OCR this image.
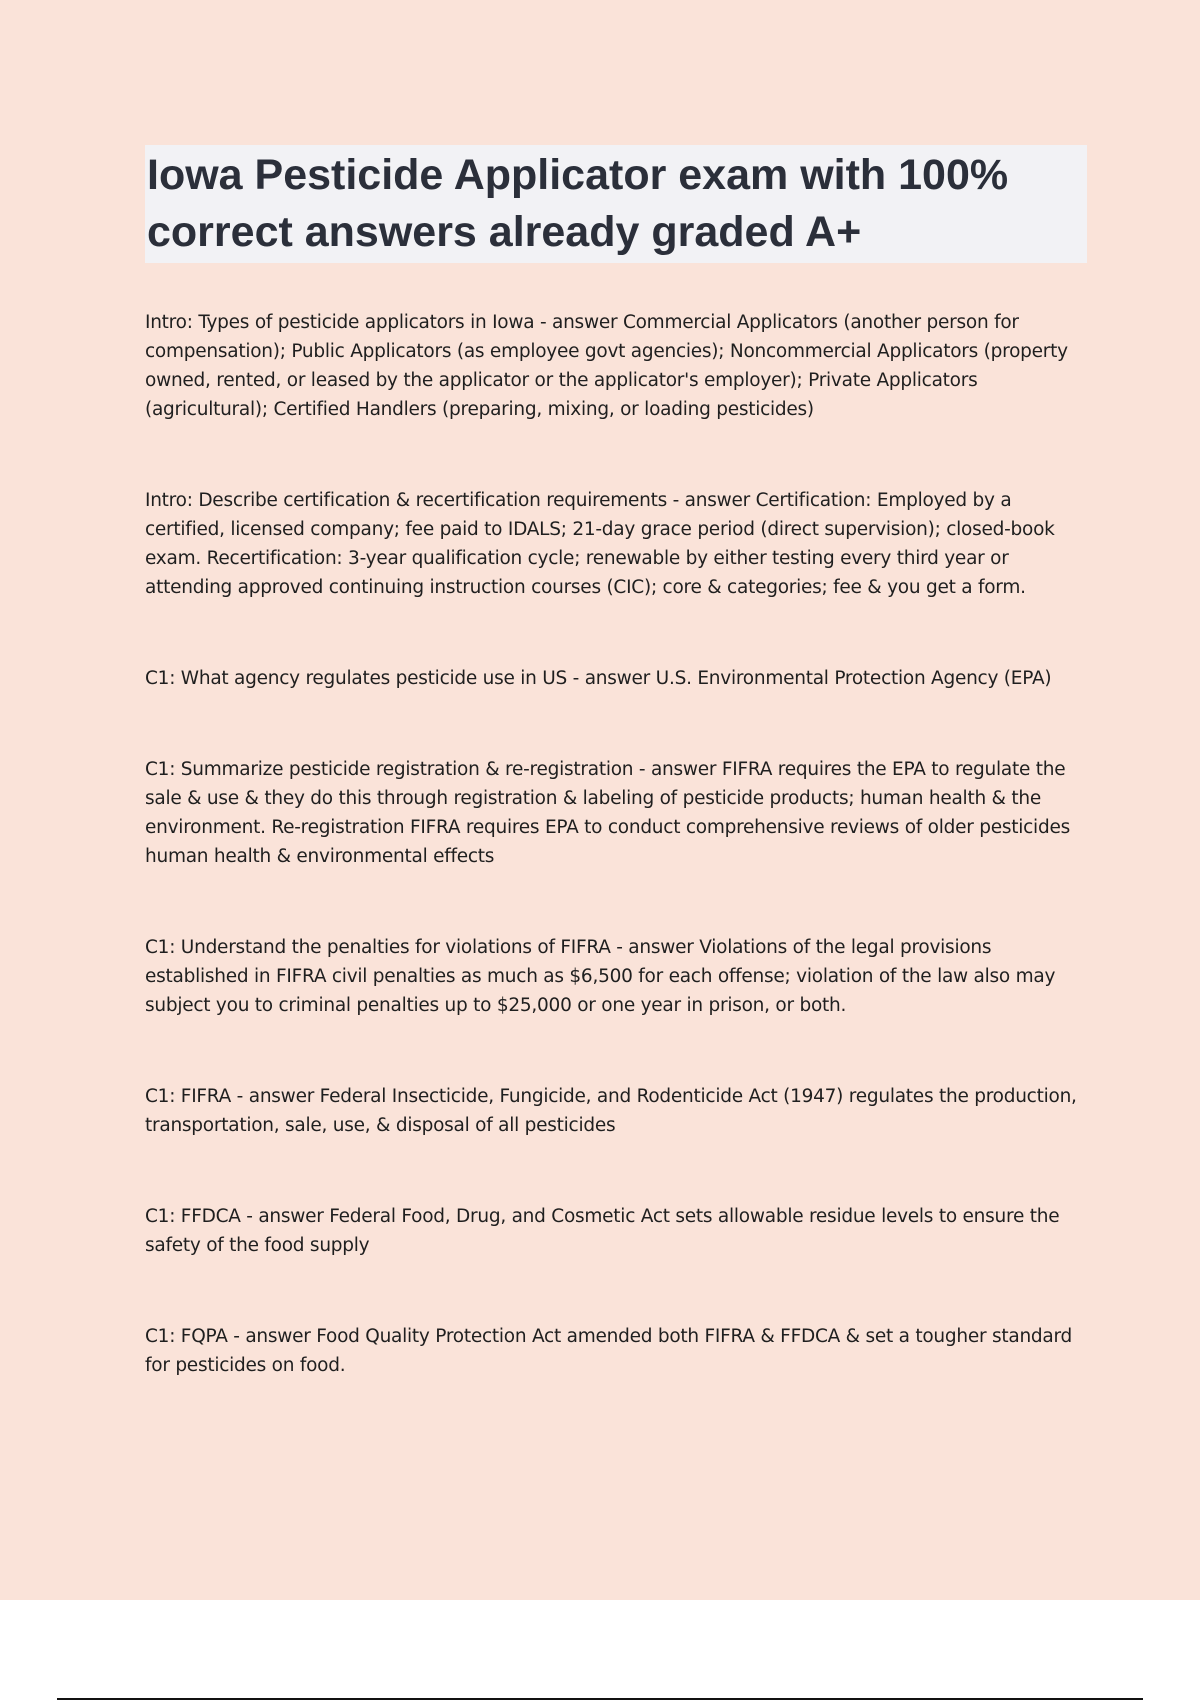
Iowa Pesticide Applicator exam with 100% correct answers already graded A+

Intro: Types of pesticide applicators in Iowa - answer Commercial Applicators (another person for compensation); Public Applicators (as employee govt agencies); Noncommercial Applicators (property owned, rented, or leased by the applicator or the applicator's employer); Private Applicators (agricultural); Certified Handlers (preparing, mixing, or loading pesticides)

Intro: Describe certification & recertification requirements - answer Certification: Employed by a certified, licensed company; fee paid to IDALS; 21-day grace period (direct supervision); closed-book exam. Recertification: 3-year qualification cycle; renewable by either testing every third year or attending approved continuing instruction courses (CIC); core & categories; fee & you get a form.

C1: What agency regulates pesticide use in US - answer U.S. Environmental Protection Agency (EPA)

C1: Summarize pesticide registration & re-registration - answer FIFRA requires the EPA to regulate the sale & use & they do this through registration & labeling of pesticide products; human health & the environment. Re-registration FIFRA requires EPA to conduct comprehensive reviews of older pesticides human health & environmental effects

C1: Understand the penalties for violations of FIFRA - answer Violations of the legal provisions established in FIFRA civil penalties as much as $6,500 for each offense; violation of the law also may subject you to criminal penalties up to $25,000 or one year in prison, or both.

C1: FIFRA - answer Federal Insecticide, Fungicide, and Rodenticide Act (1947) regulates the production, transportation, sale, use, & disposal of all pesticides

C1: FFDCA - answer Federal Food, Drug, and Cosmetic Act sets allowable residue levels to ensure the safety of the food supply

C1: FQPA - answer Food Quality Protection Act amended both FIFRA & FFDCA & set a tougher standard for pesticides on food.
